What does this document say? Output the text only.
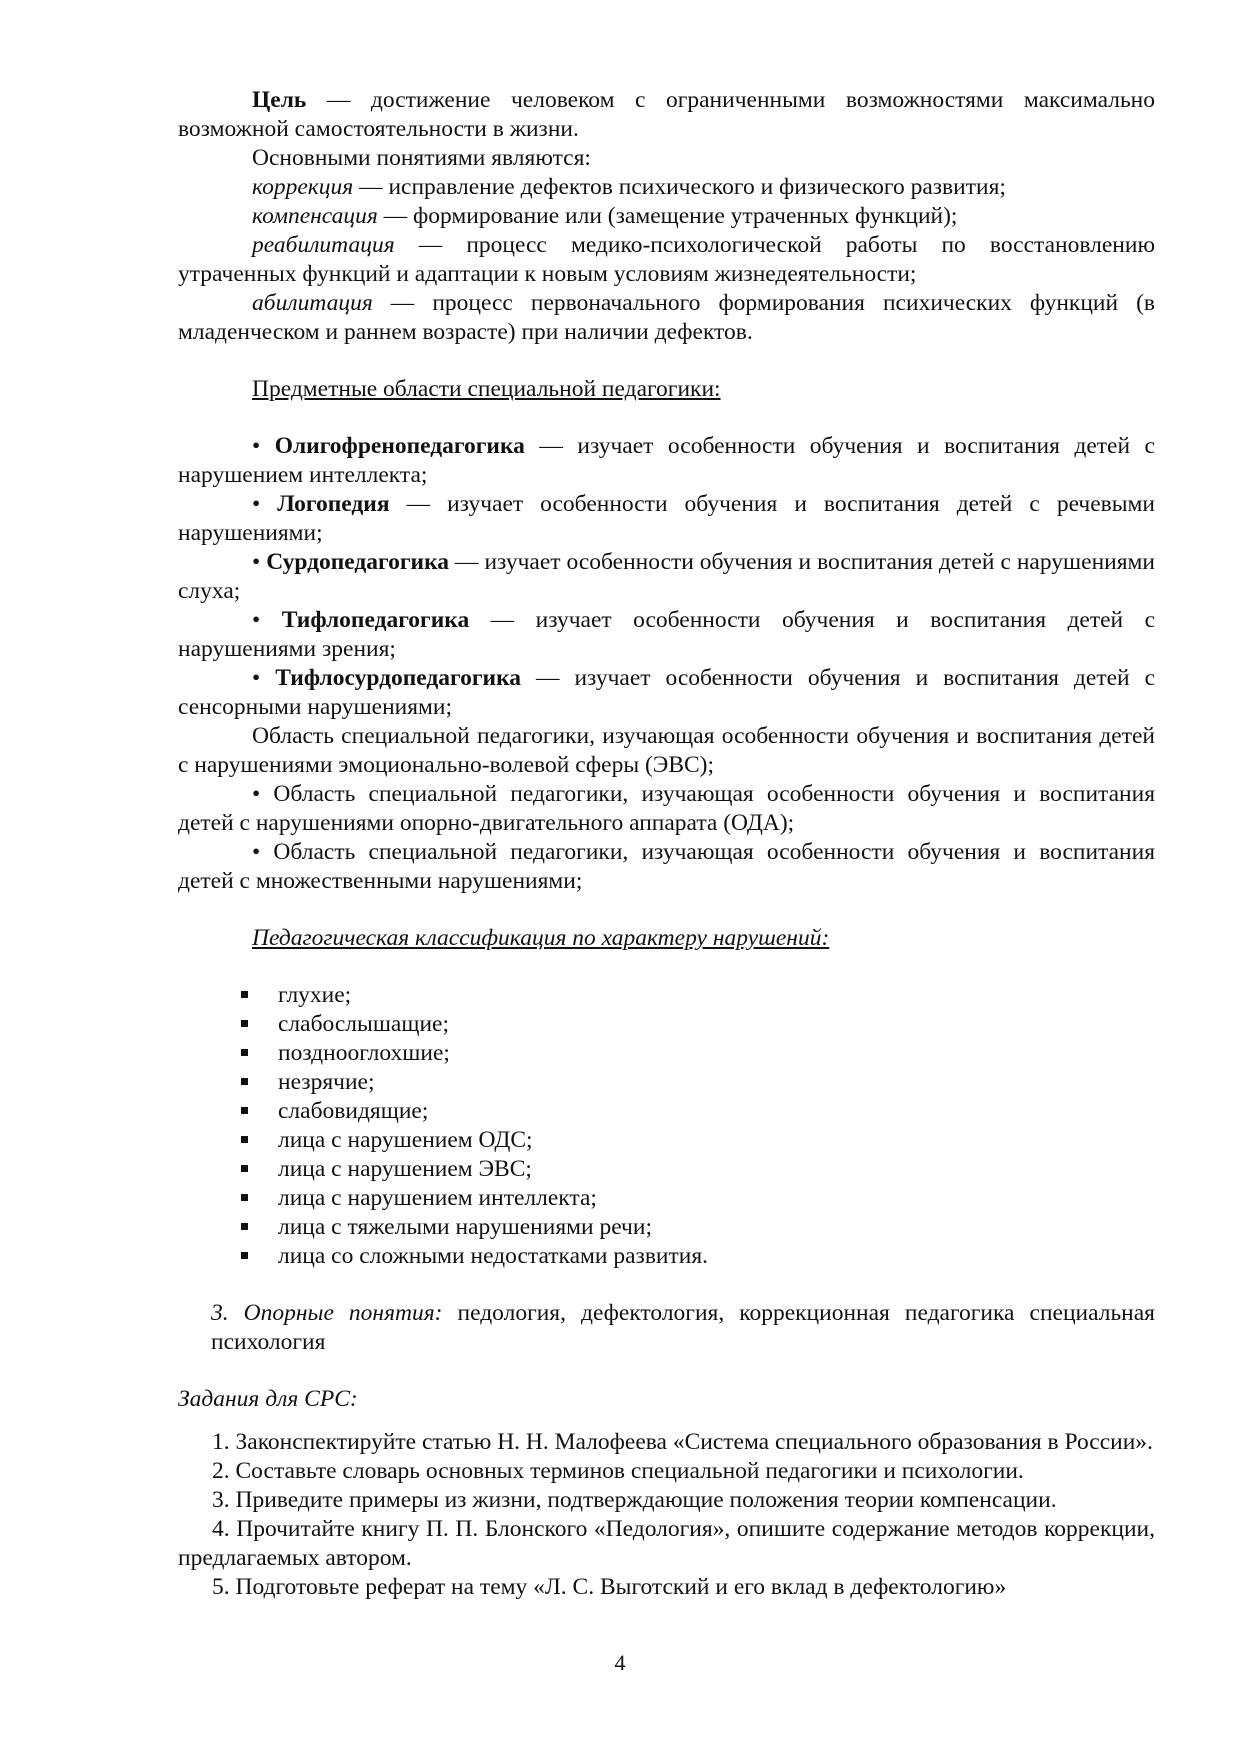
Цель — достижение человеком с ограниченными возможностями максимально возможной самостоятельности в жизни.

Основными понятиями являются:

коррекция — исправление дефектов психического и физического развития;

компенсация — формирование или (замещение утраченных функций);

реабилитация — процесс медико-психологической работы по восстановлению утраченных функций и адаптации к новым условиям жизнедеятельности;

абилитация — процесс первоначального формирования психических функций (в младенческом и раннем возрасте) при наличии дефектов.

Предметные области специальной педагогики:

• Олигофренопедагогика — изучает особенности обучения и воспитания детей с нарушением интеллекта;

• Логопедия — изучает особенности обучения и воспитания детей с речевыми нарушениями;

• Сурдопедагогика — изучает особенности обучения и воспитания детей с нарушениями слуха;

• Тифлопедагогика — изучает особенности обучения и воспитания детей с нарушениями зрения;

• Тифлосурдопедагогика — изучает особенности обучения и воспитания детей с сенсорными нарушениями;

Область специальной педагогики, изучающая особенности обучения и воспитания детей с нарушениями эмоционально-волевой сферы (ЭВС);

• Область специальной педагогики, изучающая особенности обучения и воспитания детей с нарушениями опорно-двигательного аппарата (ОДА);

• Область специальной педагогики, изучающая особенности обучения и воспитания детей с множественными нарушениями;

Педагогическая классификация по характеру нарушений:

глухие;
слабослышащие;
позднооглохшие;
незрячие;
слабовидящие;
лица с нарушением ОДС;
лица с нарушением ЭВС;
лица с нарушением интеллекта;
лица с тяжелыми нарушениями речи;
лица со сложными недостатками развития.

3. Опорные понятия: педология, дефектология, коррекционная педагогика специальная психология

Задания для СРС:

1. Законспектируйте статью Н. Н. Малофеева «Система специального образования в России».

2. Составьте словарь основных терминов специальной педагогики и психологии.

3. Приведите примеры из жизни, подтверждающие положения теории компенсации.

4. Прочитайте книгу П. П. Блонского «Педология», опишите содержание методов коррекции, предлагаемых автором.

5. Подготовьте реферат на тему «Л. С. Выготский и его вклад в дефектологию»

4
